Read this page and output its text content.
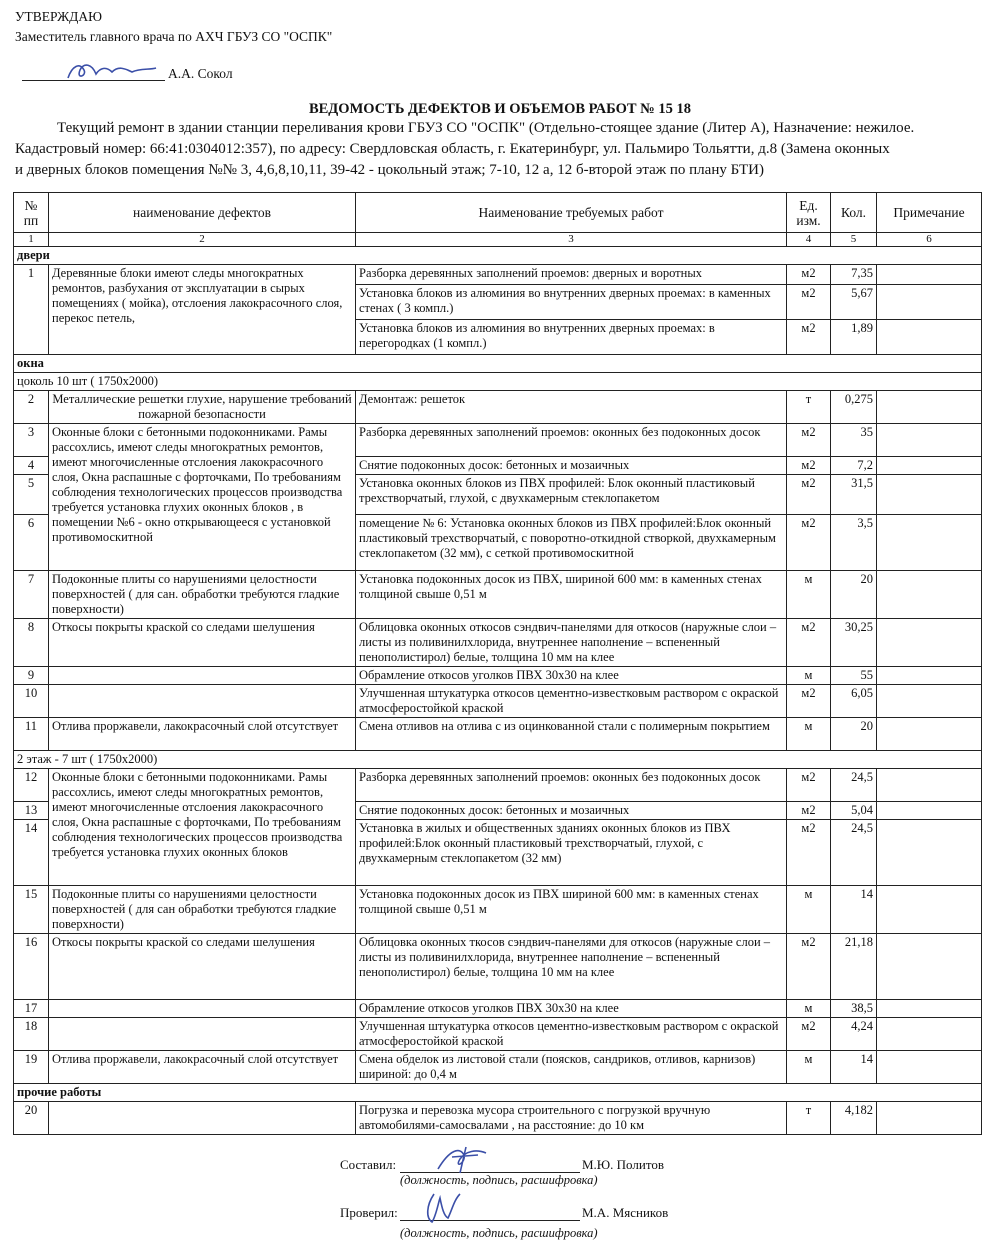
УТВЕРЖДАЮ
Заместитель главного врача по АХЧ ГБУЗ СО "ОСПК"
А.А. Сокол
ВЕДОМОСТЬ ДЕФЕКТОВ И ОБЪЕМОВ РАБОТ № 15 18
Текущий ремонт в здании станции переливания крови ГБУЗ СО "ОСПК" (Отдельно-стоящее здание (Литер А), Назначение: нежилое.
Кадастровый номер: 66:41:0304012:357), по адресу: Свердловская область, г. Екатеринбург, ул. Пальмиро Тольятти, д.8 (Замена оконных
и дверных блоков помещения №№ 3, 4,6,8,10,11, 39-42 - цокольный этаж; 7-10, 12 а, 12 б-второй этаж по плану БТИ)
№ пп	наименование дефектов	Наименование требуемых работ	Ед. изм.	Кол.	Примечание
1	2	3	4	5	6
двери					
1	Деревянные блоки имеют следы многократных ремонтов, разбухания от эксплуатации в сырых помещениях ( мойка), отслоения лакокрасочного слоя, перекос петель,	Разборка деревянных заполнений проемов: дверных и воротных	м2	7,35	
		Установка блоков из алюминия во внутренних дверных проемах: в каменных стенах ( 3 компл.)	м2	5,67	
		Установка блоков из алюминия во внутренних дверных проемах: в перегородках (1 компл.)	м2	1,89	
окна					
цоколь 10 шт ( 1750х2000)					
2	Металлические решетки глухие, нарушение требований пожарной безопасности	Демонтаж: решеток	т	0,275	
3	Оконные блоки с бетонными подоконниками. Рамы рассохлись, имеют следы многократных ремонтов, имеют многочисленные отслоения лакокрасочного слоя, Окна распашные с форточками, По требованиям соблюдения технологических процессов производства требуется установка глухих оконных блоков , в помещении №6 - окно открывающееся с установкой противомоскитной	Разборка деревянных заполнений проемов: оконных без подоконных досок	м2	35	
4		Снятие подоконных досок: бетонных и мозаичных	м2	7,2	
5		Установка оконных блоков из ПВХ профилей: Блок оконный пластиковый трехстворчатый, глухой, с двухкамерным стеклопакетом	м2	31,5	
6		помещение № 6: Установка оконных блоков из ПВХ профилей:Блок оконный пластиковый трехстворчатый, с поворотно-откидной створкой, двухкамерным стеклопакетом (32 мм), с сеткой противомоскитной	м2	3,5	
7	Подоконные плиты со нарушениями целостности поверхностей ( для сан. обработки требуются гладкие поверхности)	Установка подоконных досок из ПВХ, шириной 600 мм: в каменных стенах толщиной свыше 0,51 м	м	20	
8	Откосы покрыты краской со следами шелушения	Облицовка оконных откосов сэндвич-панелями для откосов (наружные слои – листы из поливинилхлорида, внутреннее наполнение – вспененный пенополистирол) белые, толщина 10 мм на клее	м2	30,25	
9		Обрамление откосов уголков ПВХ 30х30 на клее	м	55	
10		Улучшенная штукатурка откосов цементно-известковым раствором с окраской атмосферостойкой краской	м2	6,05	
11	Отлива проржавели, лакокрасочный слой отсутствует	Смена отливов на отлива с из оцинкованной стали с полимерным покрытием	м	20	
2 этаж - 7 шт ( 1750х2000)					
12	Оконные блоки с бетонными подоконниками. Рамы рассохлись, имеют следы многократных ремонтов, имеют многочисленные отслоения лакокрасочного слоя, Окна распашные с форточками, По требованиям соблюдения технологических процессов производства требуется установка глухих оконных блоков	Разборка деревянных заполнений проемов: оконных без подоконных досок	м2	24,5	
13		Снятие подоконных досок: бетонных и мозаичных	м2	5,04	
14		Установка в жилых и общественных зданиях оконных блоков из ПВХ профилей:Блок оконный пластиковый трехстворчатый, глухой, с двухкамерным стеклопакетом (32 мм)	м2	24,5	
15	Подоконные плиты со нарушениями целостности поверхностей ( для сан обработки требуются гладкие поверхности)	Установка подоконных досок из ПВХ шириной 600 мм: в каменных стенах толщиной свыше 0,51 м	м	14	
16	Откосы покрыты краской со следами шелушения	Облицовка оконных ткосов сэндвич-панелями для откосов (наружные слои – листы из поливинилхлорида, внутреннее наполнение – вспененный пенополистирол) белые, толщина 10 мм на клее	м2	21,18	
17		Обрамление откосов уголков ПВХ 30х30 на клее	м	38,5	
18		Улучшенная штукатурка откосов цементно-известковым раствором с окраской атмосферостойкой краской	м2	4,24	
19	Отлива проржавели, лакокрасочный слой отсутствует	Смена обделок из листовой стали (поясков, сандриков, отливов, карнизов) шириной: до 0,4 м	м	14	
прочие работы					
20		Погрузка и перевозка мусора строительного с погрузкой вручную автомобилями-самосвалами , на расстояние: до 10 км	т	4,182	
Составил:	М.Ю. Политов
(должность, подпись, расшифровка)
Проверил:	М.А. Мясников
(должность, подпись, расшифровка)
